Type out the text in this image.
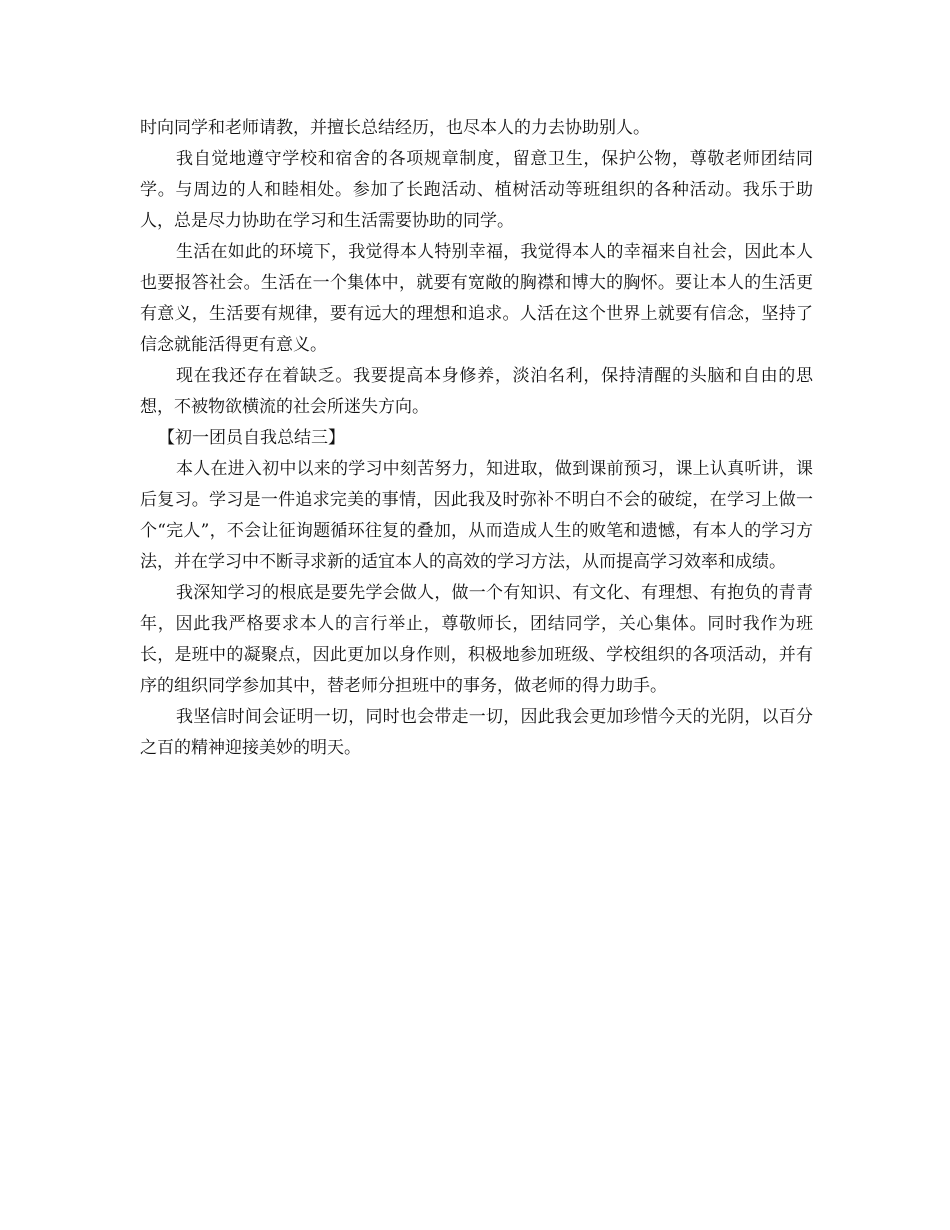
时向同学和老师请教，并擅长总结经历，也尽本人的力去协助别人。

我自觉地遵守学校和宿舍的各项规章制度，留意卫生，保护公物，尊敬老师团结同学。与周边的人和睦相处。参加了长跑活动、植树活动等班组织的各种活动。我乐于助人，总是尽力协助在学习和生活需要协助的同学。

生活在如此的环境下，我觉得本人特别幸福，我觉得本人的幸福来自社会，因此本人也要报答社会。生活在一个集体中，就要有宽敞的胸襟和博大的胸怀。要让本人的生活更有意义，生活要有规律，要有远大的理想和追求。人活在这个世界上就要有信念，坚持了信念就能活得更有意义。

现在我还存在着缺乏。我要提高本身修养，淡泊名利，保持清醒的头脑和自由的思想，不被物欲横流的社会所迷失方向。

【初一团员自我总结三】

本人在进入初中以来的学习中刻苦努力，知进取，做到课前预习，课上认真听讲，课后复习。学习是一件追求完美的事情，因此我及时弥补不明白不会的破绽，在学习上做一个“完人”，不会让征询题循环往复的叠加，从而造成人生的败笔和遗憾，有本人的学习方法，并在学习中不断寻求新的适宜本人的高效的学习方法，从而提高学习效率和成绩。

我深知学习的根底是要先学会做人，做一个有知识、有文化、有理想、有抱负的青青年，因此我严格要求本人的言行举止，尊敬师长，团结同学，关心集体。同时我作为班长，是班中的凝聚点，因此更加以身作则，积极地参加班级、学校组织的各项活动，并有序的组织同学参加其中，替老师分担班中的事务，做老师的得力助手。

我坚信时间会证明一切，同时也会带走一切，因此我会更加珍惜今天的光阴，以百分之百的精神迎接美妙的明天。
